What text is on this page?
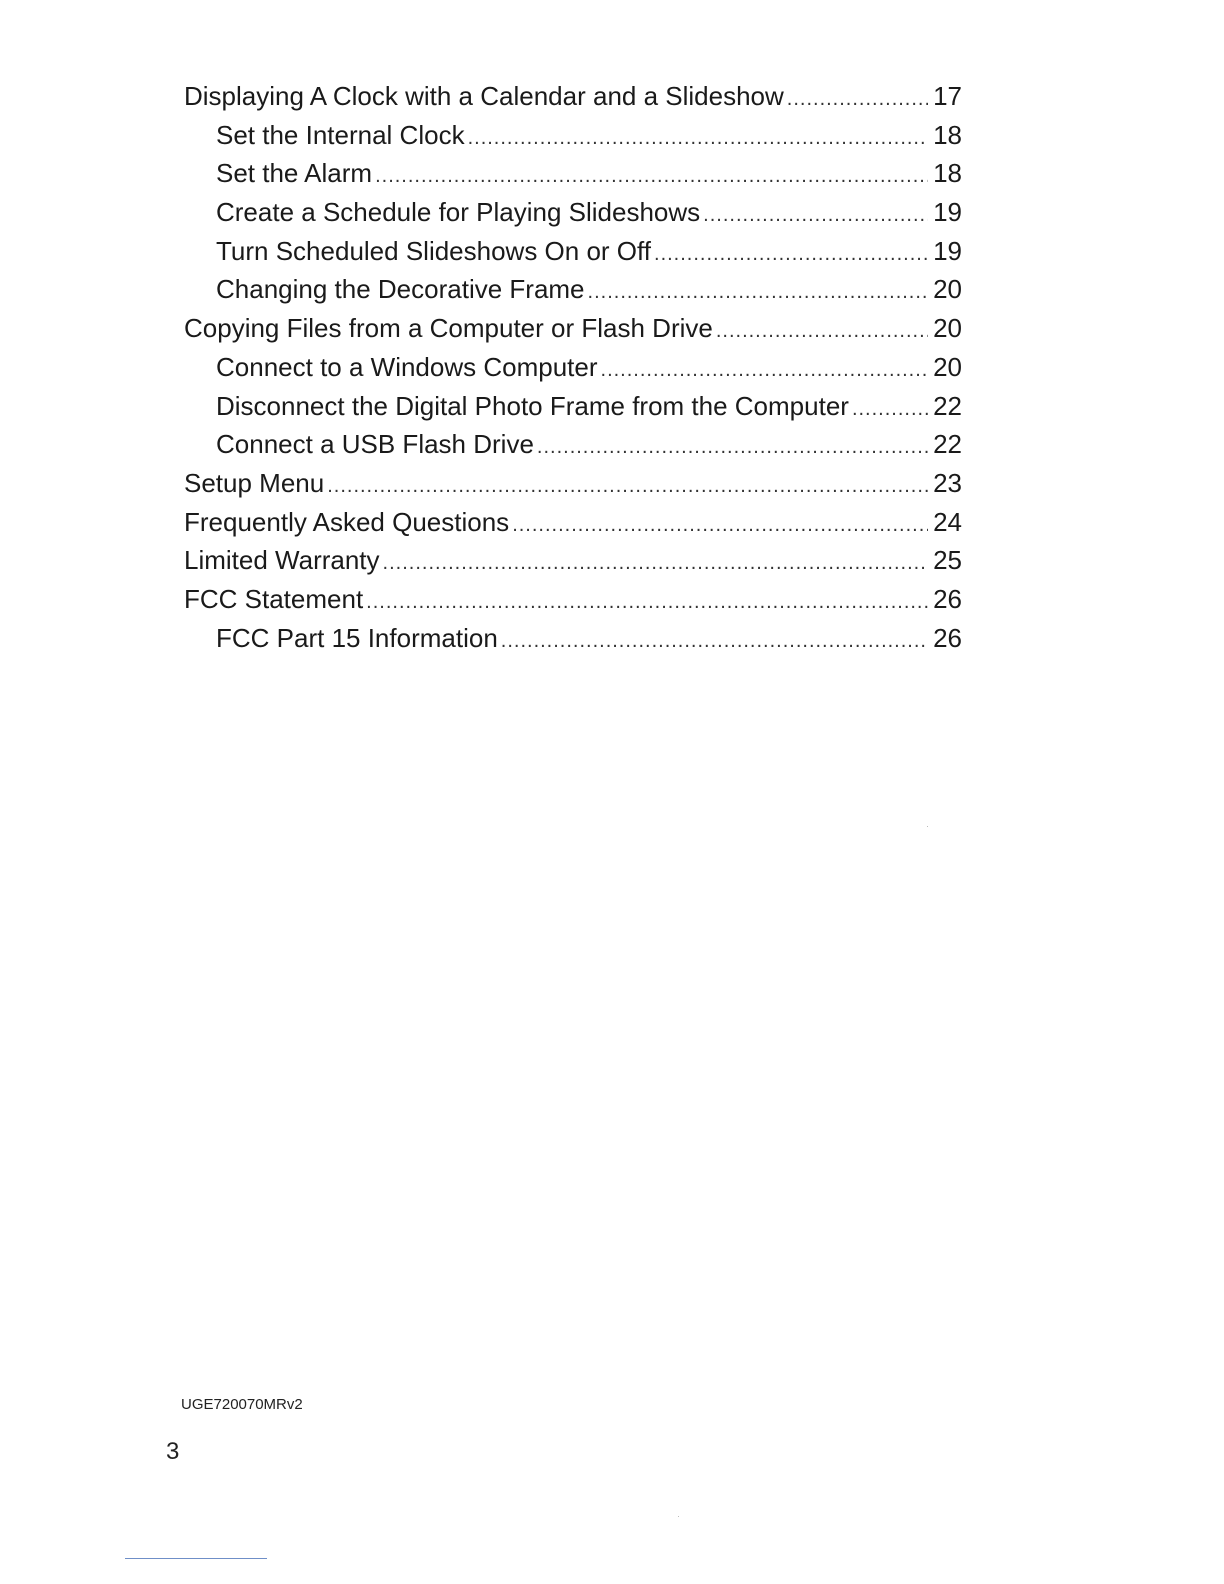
Displaying A Clock with a Calendar and a Slideshow .....	17
Set the Internal Clock .....	18
Set the Alarm .....	18
Create a Schedule for Playing Slideshows .....	19
Turn Scheduled Slideshows On or Off .....	19
Changing the Decorative Frame .....	20
Copying Files from a Computer or Flash Drive .....	20
Connect to a Windows Computer .....	20
Disconnect the Digital Photo Frame from the Computer .....	22
Connect a USB Flash Drive .....	22
Setup Menu .....	23
Frequently Asked Questions .....	24
Limited Warranty .....	25
FCC Statement .....	26
FCC Part 15 Information .....	26
UGE720070MRv2
3
